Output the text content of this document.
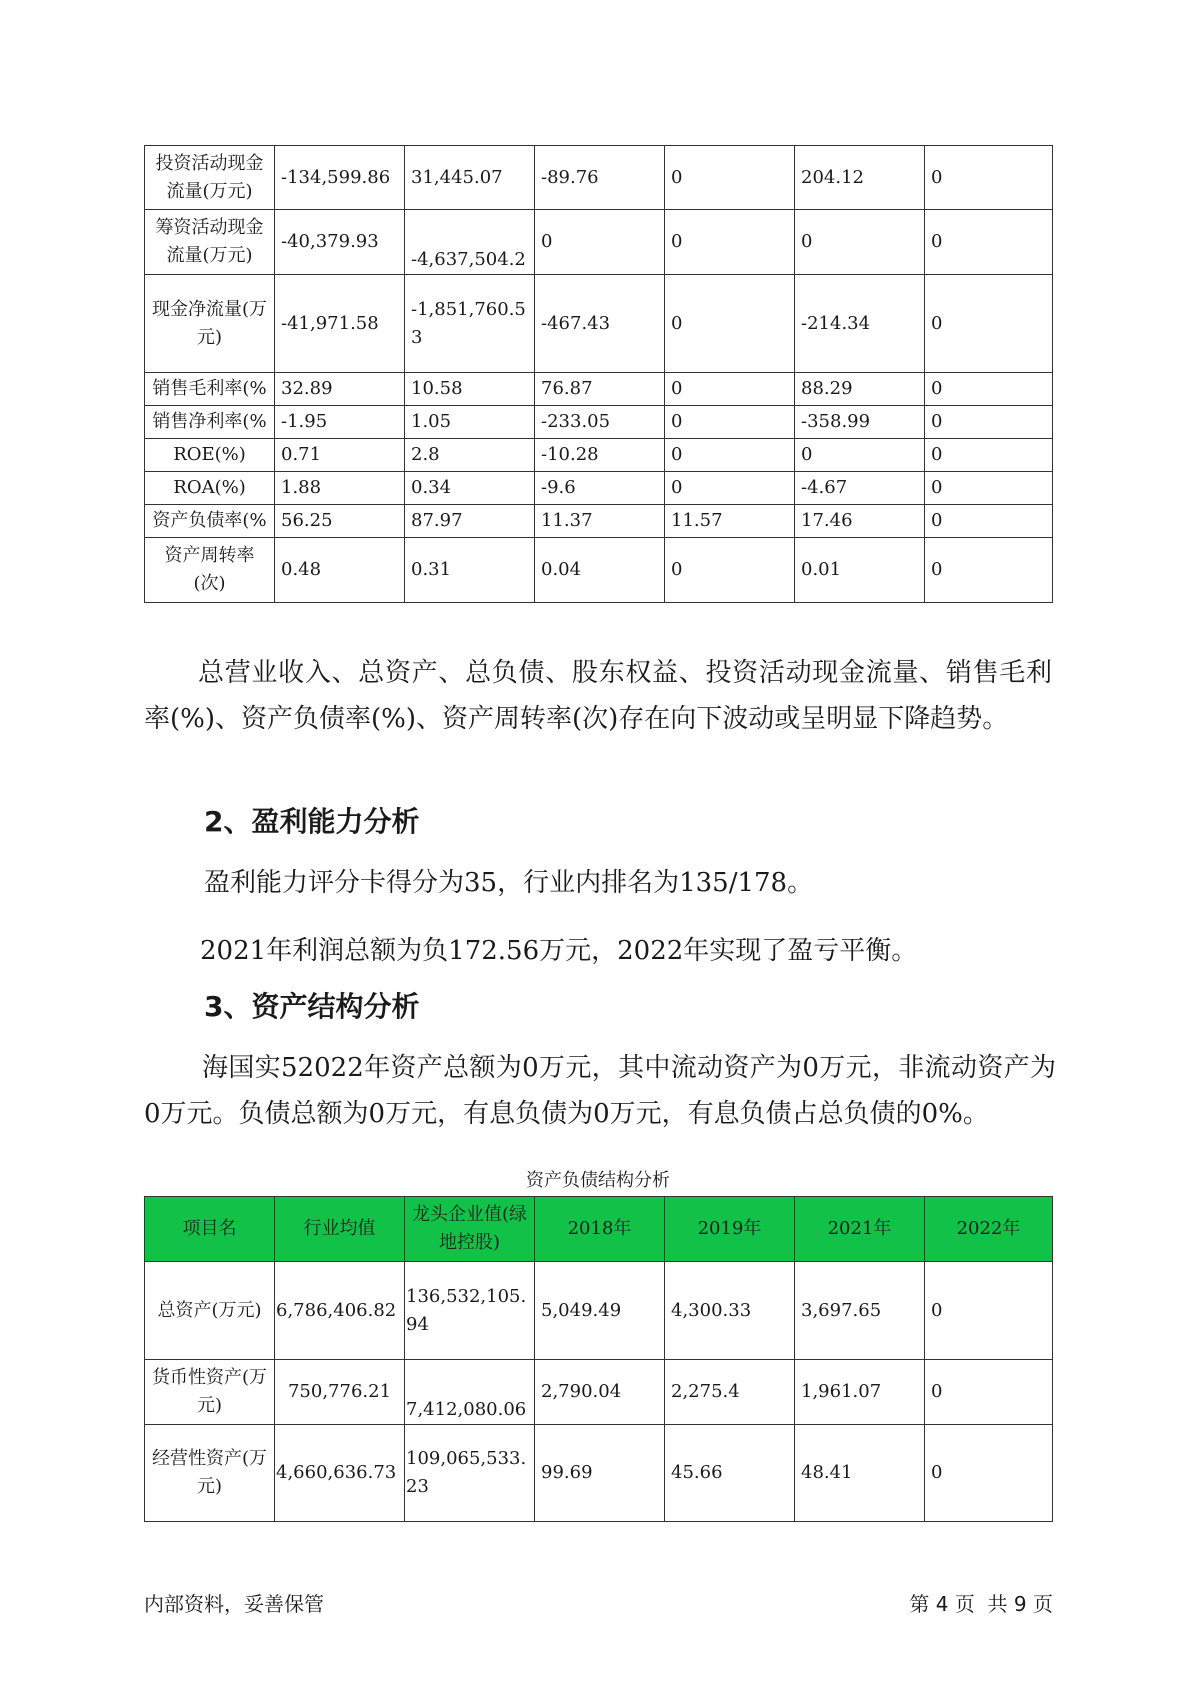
投资活动现金流量(万元)	-134,599.86	31,445.07	-89.76	0	204.12	0
筹资活动现金流量(万元)	-40,379.93	-4,637,504.2	0	0	0	0
现金净流量(万元)	-41,971.58	-1,851,760.53	-467.43	0	-214.34	0
销售毛利率(%	32.89	10.58	76.87	0	88.29	0
销售净利率(%	-1.95	1.05	-233.05	0	-358.99	0
ROE(%)	0.71	2.8	-10.28	0	0	0
ROA(%)	1.88	0.34	-9.6	0	-4.67	0
资产负债率(%	56.25	87.97	11.37	11.57	17.46	0
资产周转率(次)	0.48	0.31	0.04	0	0.01	0

总营业收入、总资产、总负债、股东权益、投资活动现金流量、销售毛利率(%)、资产负债率(%)、资产周转率(次)存在向下波动或呈明显下降趋势。

2、盈利能力分析

盈利能力评分卡得分为35，行业内排名为135/178。

2021年利润总额为负172.56万元，2022年实现了盈亏平衡。

3、资产结构分析

海国实52022年资产总额为0万元，其中流动资产为0万元，非流动资产为0万元。负债总额为0万元，有息负债为0万元，有息负债占总负债的0%。

资产负债结构分析

项目名	行业均值	龙头企业值(绿地控股)	2018年	2019年	2021年	2022年
总资产(万元)	6,786,406.82	136,532,105.94	5,049.49	4,300.33	3,697.65	0
货币性资产(万元)	750,776.21	7,412,080.06	2,790.04	2,275.4	1,961.07	0
经营性资产(万元)	4,660,636.73	109,065,533.23	99.69	45.66	48.41	0

内部资料，妥善保管	第 4 页  共 9 页
